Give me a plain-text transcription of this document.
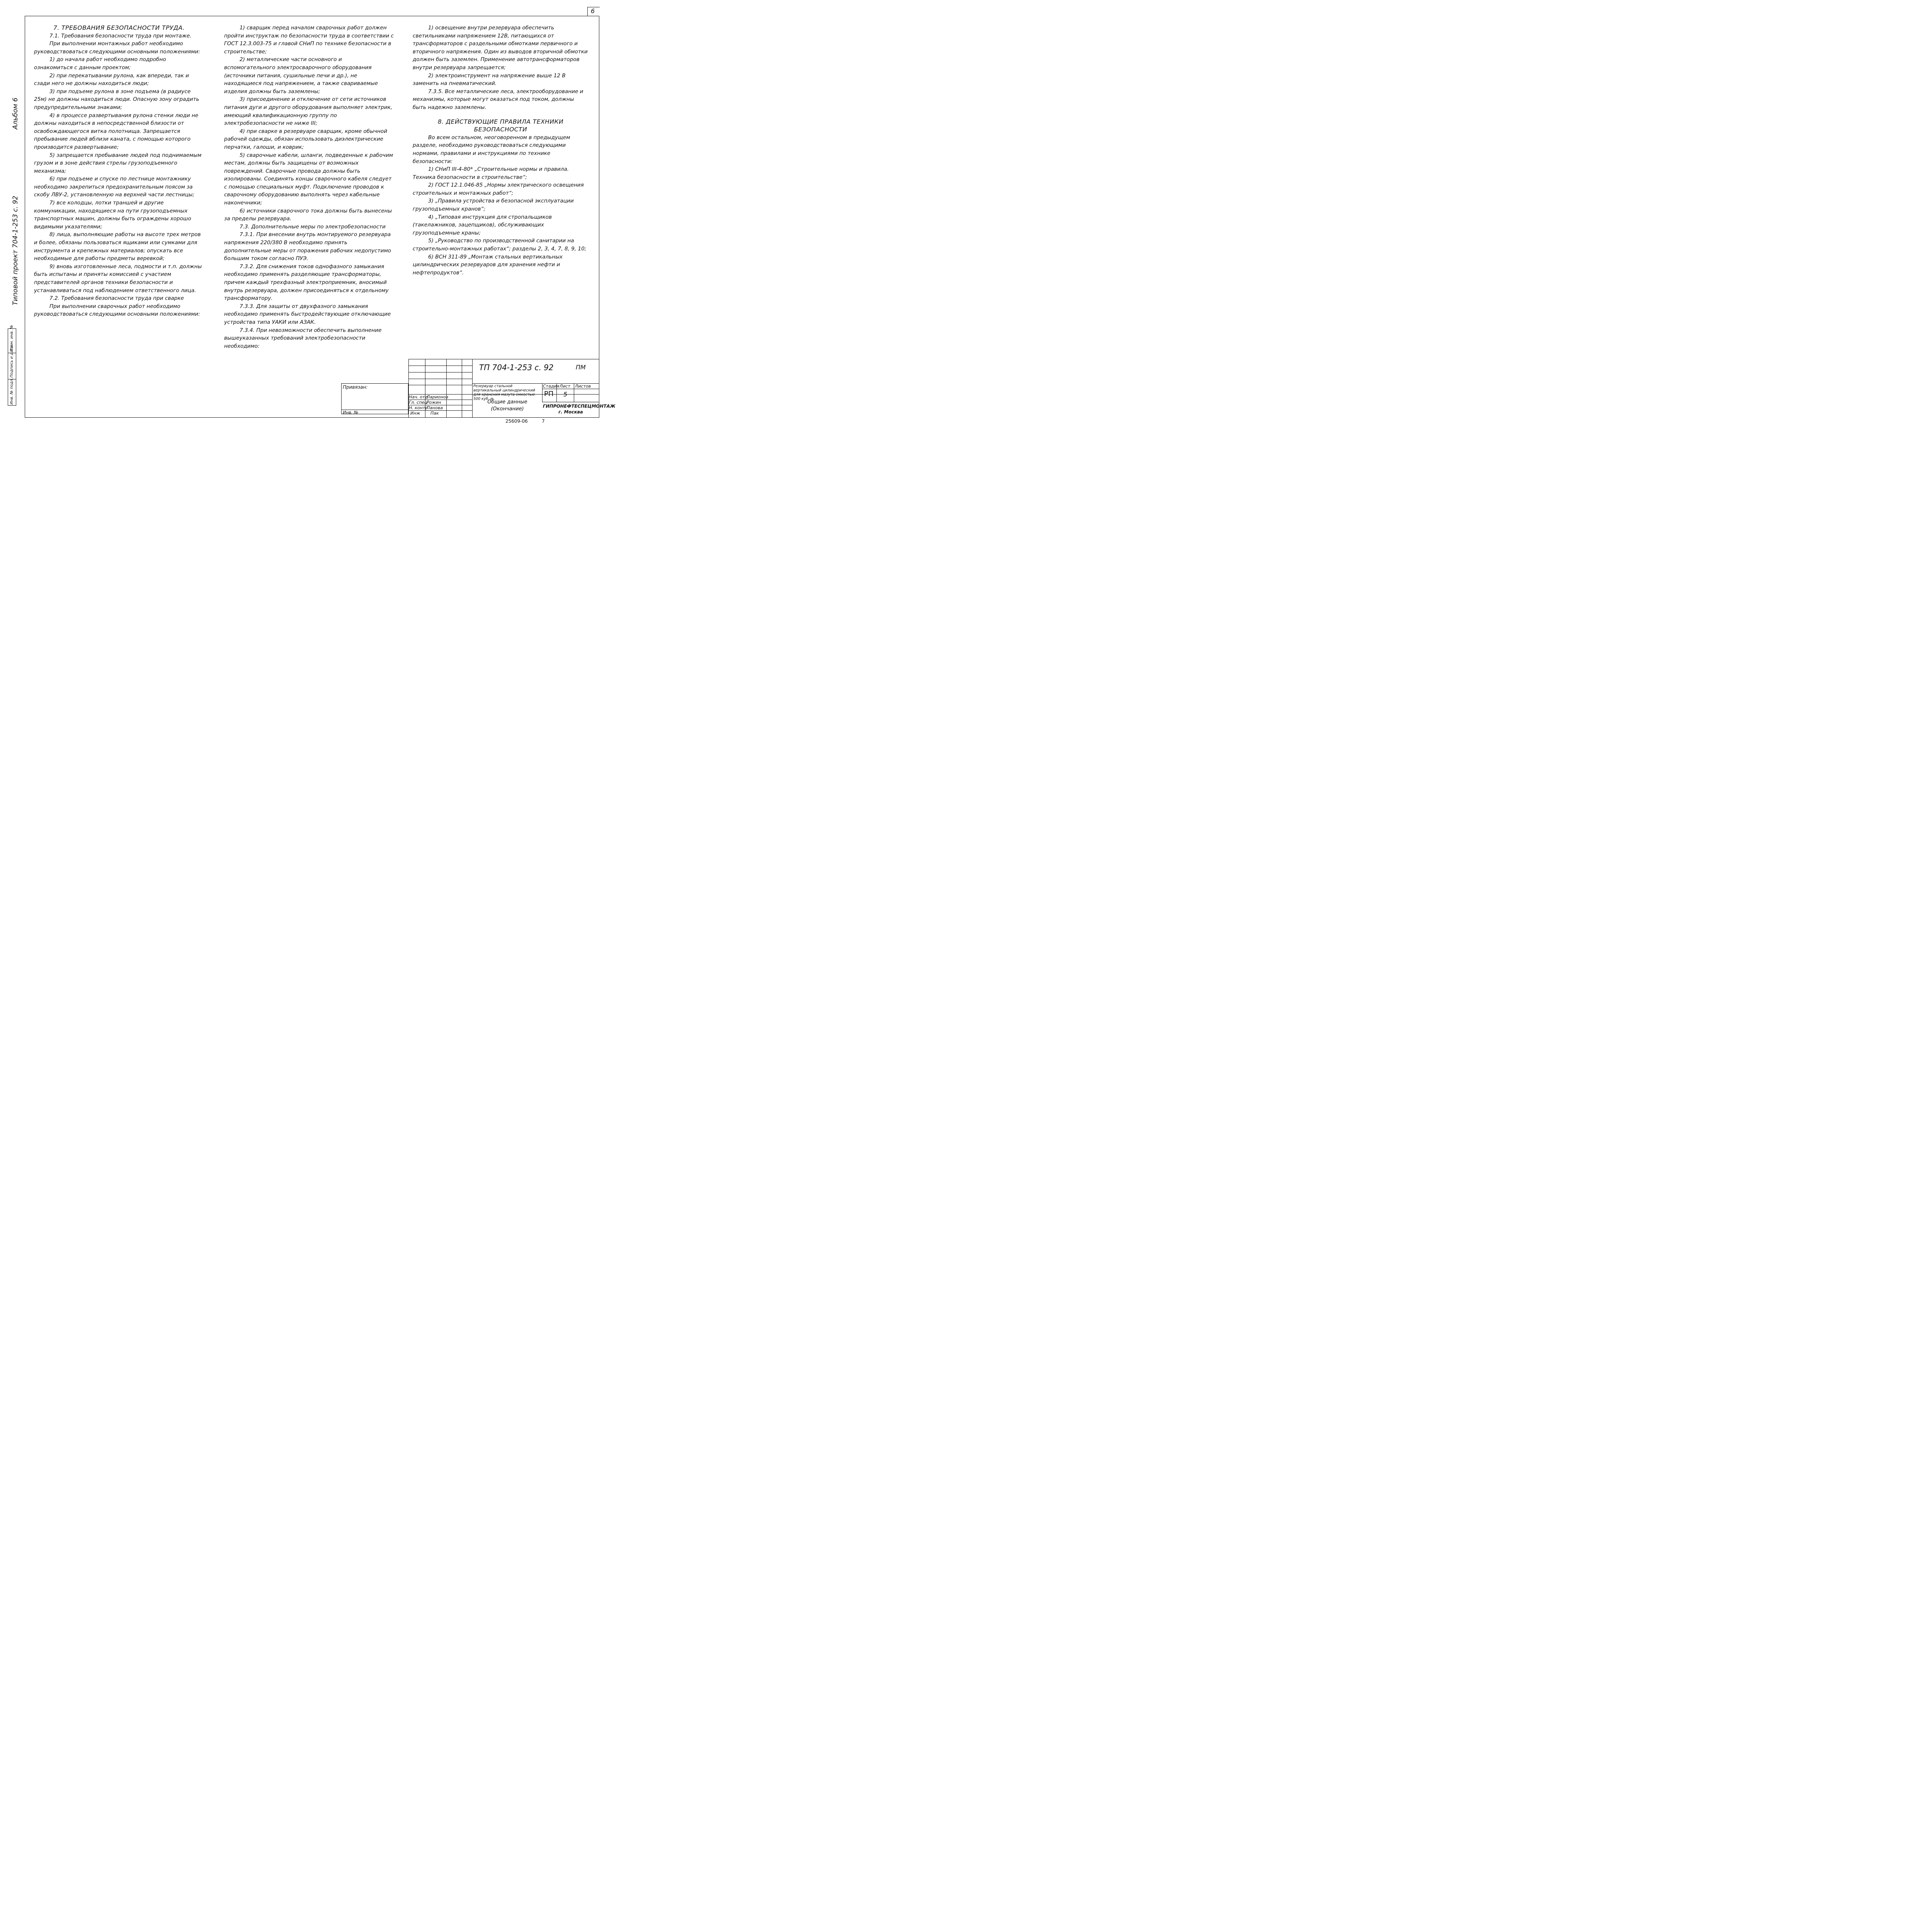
6
Альбом 6
Типовой проект 704-1-253 с. 92
Инв. № подл.
Подпись и дата
Взам. инв. №

7. ТРЕБОВАНИЯ БЕЗОПАСНОСТИ ТРУДА.

7.1. Требования безопасности труда при монтаже.

При выполнении монтажных работ необходимо руководствоваться следующими основными положениями:

1) до начала работ необходимо подробно ознакомиться с данным проектом;

2) при перекатывании рулона, как впереди, так и сзади него не должны находиться люди;

3) при подъеме рулона в зоне подъема (в радиусе 25м) не должны находиться люди. Опасную зону оградить предупредительными знаками;

4) в процессе развертывания рулона стенки люди не должны находиться в непосредственной близости от освобождающегося витка полотнища. Запрещается пребывание людей вблизи каната, с помощью которого производится развертывание;

5) запрещается пребывание людей под поднимаемым грузом и в зоне действия стрелы грузоподъемного механизма;

6) при подъеме и спуске по лестнице монтажнику необходимо закрепиться предохранительным поясом за скобу ЛВУ-2, установленную на верхней части лестницы;

7) все колодцы, лотки траншей и другие коммуникации, находящиеся на пути грузоподъемных транспортных машин, должны быть ограждены хорошо видимыми указателями;

8) лица, выполняющие работы на высоте трех метров и более, обязаны пользоваться ящиками или сумками для инструмента и крепежных материалов; опускать все необходимые для работы предметы веревкой;

9) вновь изготовленные леса, подмости и т.п. должны быть испытаны и приняты комиссией с участием представителей органов техники безопасности и устанавливаться под наблюдением ответственного лица.

7.2. Требования безопасности труда при сварке

При выполнении сварочных работ необходимо руководствоваться следующими основными положениями:

1) сварщик перед началом сварочных работ должен пройти инструктаж по безопасности труда в соответствии с ГОСТ 12.3.003-75 и главой СНиП по технике безопасности в строительстве;

2) металлические части основного и вспомогательного электросварочного оборудования (источники питания, сушильные печи и др.), не находящиеся под напряжением, а также свариваемые изделия должны быть заземлены;

3) присоединение и отключение от сети источников питания дуги и другого оборудования выполняет электрик, имеющий квалификационную группу по электробезопасности не ниже III;

4) при сварке в резервуаре сварщик, кроме обычной рабочей одежды, обязан использовать диэлектрические перчатки, галоши, и коврик;

5) сварочные кабели, шланги, подведенные к рабочим местам, должны быть защищены от возможных повреждений. Сварочные провода должны быть изолированы. Соединять концы сварочного кабеля следует с помощью специальных муфт. Подключение проводов к сварочному оборудованию выполнять через кабельные наконечники;

6) источники сварочного тока должны быть вынесены за пределы резервуара.

7.3. Дополнительные меры по электробезопасности

7.3.1. При внесении внутрь монтируемого резервуара напряжения 220/380 В необходимо принять дополнительные меры от поражения рабочих недопустимо большим током согласно ПУЭ.

7.3.2. Для снижения токов однофазного замыкания необходимо применять разделяющие трансформаторы, причем каждый трехфазный электроприемник, вносимый внутрь резервуара, должен присоединяться к отдельному трансформатору.

7.3.3. Для защиты от двухфазного замыкания необходимо применять быстродействующие отключающие устройства типа УАКИ или АЗАК.

7.3.4. При невозможности обеспечить выполнение вышеуказанных требований электробезопасности необходимо:

1) освещение внутри резервуара обеспечить светильниками напряжением 12В, питающихся от трансформаторов с раздельными обмотками первичного и вторичного напряжения. Один из выводов вторичной обмотки должен быть заземлен. Применение автотрансформаторов внутри резервуара запрещается;

2) электроинструмент на напряжение выше 12 В заменить на пневматический.

7.3.5. Все металлические леса, электрооборудование и механизмы, которые могут оказаться под током, должны быть надежно заземлены.

8. ДЕЙСТВУЮЩИЕ ПРАВИЛА ТЕХНИКИ БЕЗОПАСНОСТИ

Во всем остальном, неоговоренном в предыдущем разделе, необходимо руководствоваться следующими нормами, правилами и инструкциями по технике безопасности:

1) СНиП III-4-80* „Строительные нормы и правила. Техника безопасности в строительстве“;

2) ГОСТ 12.1.046-85 „Нормы электрического освещения строительных и монтажных работ“;

3) „Правила устройства и безопасной эксплуатации грузоподъемных кранов“;

4) „Типовая инструкция для стропальщиков (такелажников, зацепщиков), обслуживающих грузоподъемные краны;

5) „Руководство по производственной санитарии на строительно-монтажных работах“; разделы 2, 3, 4, 7, 8, 9, 10;

6) ВСН 311-89 „Монтаж стальных вертикальных цилиндрических резервуаров для хранения нефти и нефтепродуктов“.

Привязан:
Инв. №
ТП 704-1-253 с. 92	ПМ
Нач. отд
Гл. спец
Н. контр
Инж
Ларионов
Рожин
Панова
Пак
Резервуар стальной вертикальный цилиндрический для хранения мазута емкостью 500 куб. м
Общие данные (Окончание)
Стадия Лист Листов
РП 5
ГИПРОНЕФТЕСПЕЦМОНТАЖ г. Москва
25609-06	7
